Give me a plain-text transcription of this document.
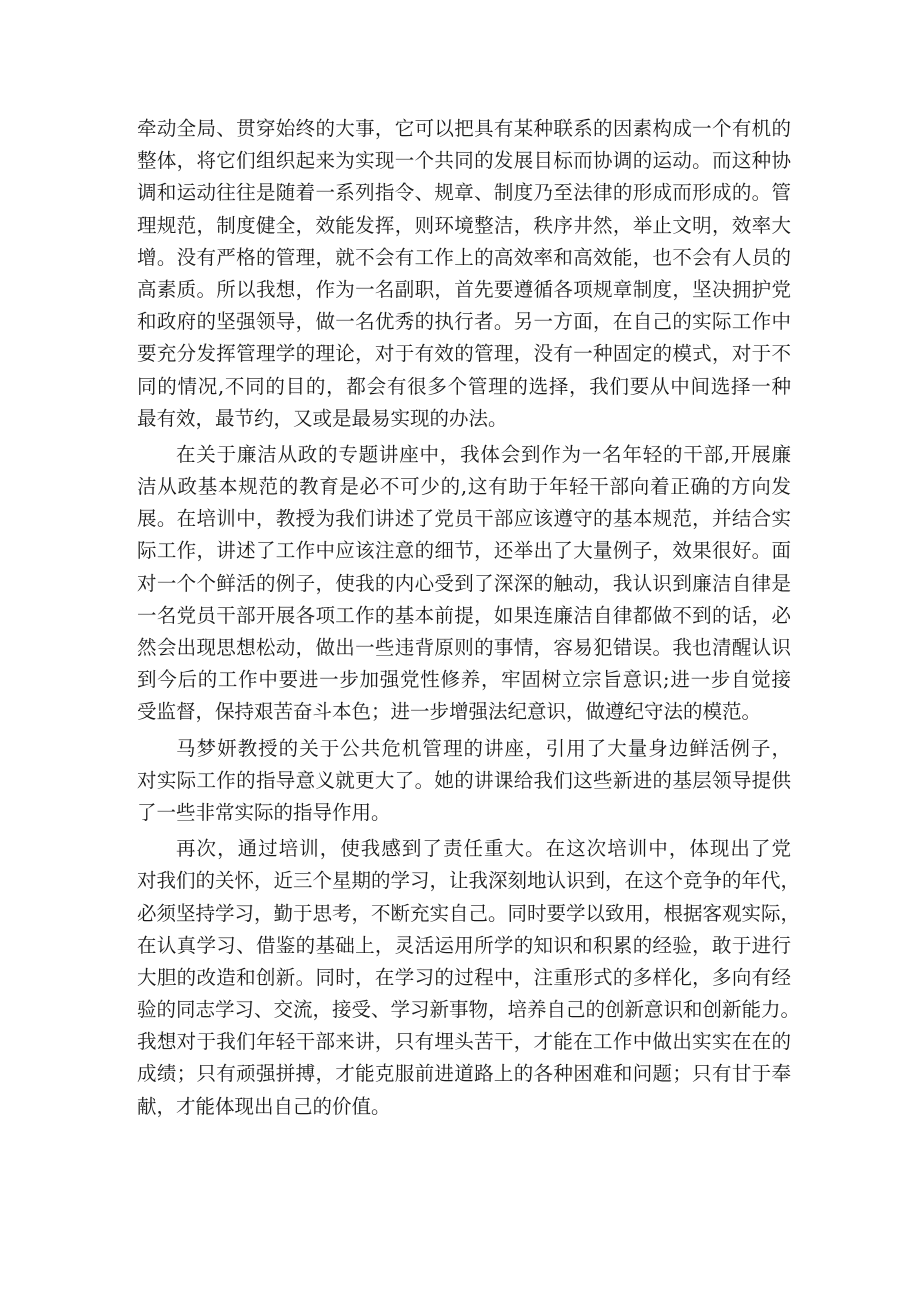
牵动全局、贯穿始终的大事，它可以把具有某种联系的因素构成一个有机的
整体，将它们组织起来为实现一个共同的发展目标而协调的运动。而这种协
调和运动往往是随着一系列指令、规章、制度乃至法律的形成而形成的。管
理规范，制度健全，效能发挥，则环境整洁，秩序井然，举止文明，效率大
增。没有严格的管理，就不会有工作上的高效率和高效能，也不会有人员的
高素质。所以我想，作为一名副职，首先要遵循各项规章制度，坚决拥护党
和政府的坚强领导，做一名优秀的执行者。另一方面，在自己的实际工作中
要充分发挥管理学的理论，对于有效的管理，没有一种固定的模式，对于不
同的情况,不同的目的，都会有很多个管理的选择，我们要从中间选择一种
最有效，最节约，又或是最易实现的办法。
在关于廉洁从政的专题讲座中，我体会到作为一名年轻的干部,开展廉
洁从政基本规范的教育是必不可少的,这有助于年轻干部向着正确的方向发
展。在培训中，教授为我们讲述了党员干部应该遵守的基本规范，并结合实
际工作，讲述了工作中应该注意的细节，还举出了大量例子，效果很好。面
对一个个鲜活的例子，使我的内心受到了深深的触动，我认识到廉洁自律是
一名党员干部开展各项工作的基本前提，如果连廉洁自律都做不到的话，必
然会出现思想松动，做出一些违背原则的事情，容易犯错误。我也清醒认识
到今后的工作中要进一步加强党性修养，牢固树立宗旨意识;进一步自觉接
受监督，保持艰苦奋斗本色；进一步增强法纪意识，做遵纪守法的模范。
马梦妍教授的关于公共危机管理的讲座，引用了大量身边鲜活例子，
对实际工作的指导意义就更大了。她的讲课给我们这些新进的基层领导提供
了一些非常实际的指导作用。
再次，通过培训，使我感到了责任重大。在这次培训中，体现出了党
对我们的关怀，近三个星期的学习，让我深刻地认识到，在这个竞争的年代，
必须坚持学习，勤于思考，不断充实自己。同时要学以致用，根据客观实际，
在认真学习、借鉴的基础上，灵活运用所学的知识和积累的经验，敢于进行
大胆的改造和创新。同时，在学习的过程中，注重形式的多样化，多向有经
验的同志学习、交流，接受、学习新事物，培养自己的创新意识和创新能力。
我想对于我们年轻干部来讲，只有埋头苦干，才能在工作中做出实实在在的
成绩；只有顽强拼搏，才能克服前进道路上的各种困难和问题；只有甘于奉
献，才能体现出自己的价值。
